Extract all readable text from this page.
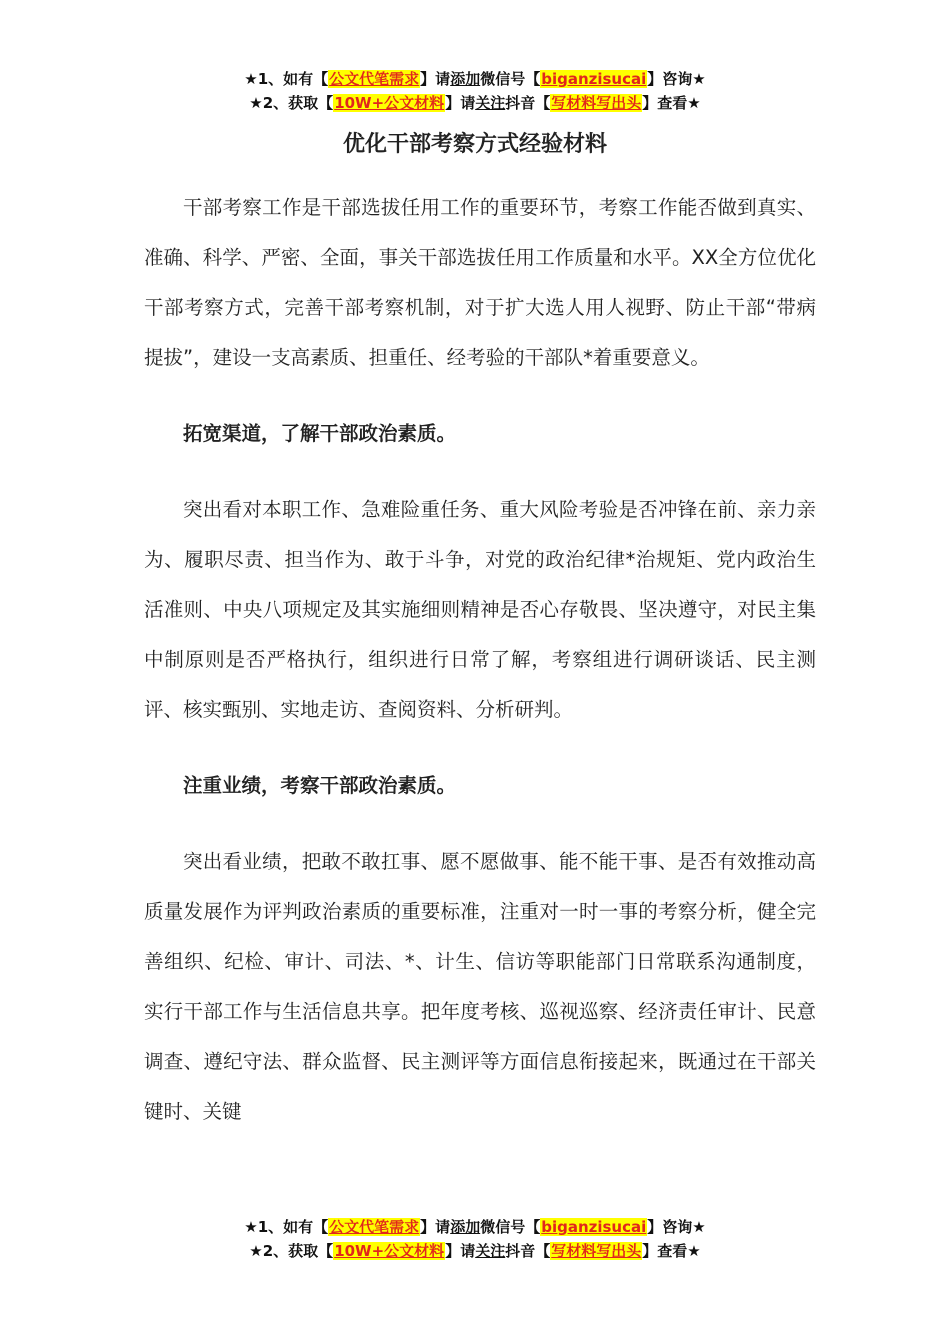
★1、如有【公文代笔需求】请添加微信号【biganzisucai】咨询★
★2、获取【10W+公文材料】请关注抖音【写材料写出头】查看★
优化干部考察方式经验材料

干部考察工作是干部选拔任用工作的重要环节，考察工作能否做到真实、准确、科学、严密、全面，事关干部选拔任用工作质量和水平。XX全方位优化干部考察方式，完善干部考察机制，对于扩大选人用人视野、防止干部“带病提拔”，建设一支高素质、担重任、经考验的干部队*着重要意义。

拓宽渠道，了解干部政治素质。

突出看对本职工作、急难险重任务、重大风险考验是否冲锋在前、亲力亲为、履职尽责、担当作为、敢于斗争，对党的政治纪律*治规矩、党内政治生活准则、中央八项规定及其实施细则精神是否心存敬畏、坚决遵守，对民主集中制原则是否严格执行，组织进行日常了解，考察组进行调研谈话、民主测评、核实甄别、实地走访、查阅资料、分析研判。

注重业绩，考察干部政治素质。

突出看业绩，把敢不敢扛事、愿不愿做事、能不能干事、是否有效推动高质量发展作为评判政治素质的重要标准，注重对一时一事的考察分析，健全完善组织、纪检、审计、司法、*、计生、信访等职能部门日常联系沟通制度，实行干部工作与生活信息共享。把年度考核、巡视巡察、经济责任审计、民意调查、遵纪守法、群众监督、民主测评等方面信息衔接起来，既通过在干部关键时、关键

★1、如有【公文代笔需求】请添加微信号【biganzisucai】咨询★
★2、获取【10W+公文材料】请关注抖音【写材料写出头】查看★
